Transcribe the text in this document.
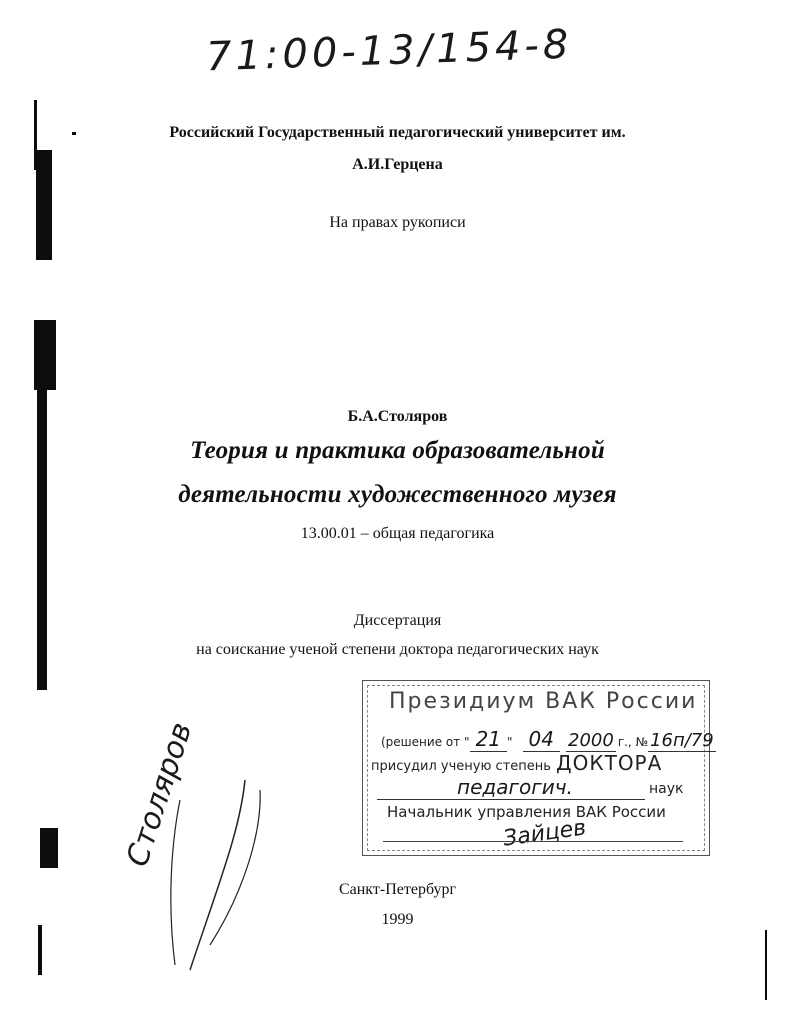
71:00-13/154-8
Российский Государственный педагогический университет им.
А.И.Герцена
На правах рукописи
Б.А.Столяров
Теория и практика образовательной
деятельности художественного музея
13.00.01 – общая педагогика
Диссертация
на соискание ученой степени доктора педагогических наук
Президиум ВАК России
(решение от " 21 " 04 2000 г., № 16п/79
присудил ученую степень ДОКТОРА
педагогич.	наук
Начальник управления ВАК России
Зайцев
Столяров
Санкт-Петербург
1999
